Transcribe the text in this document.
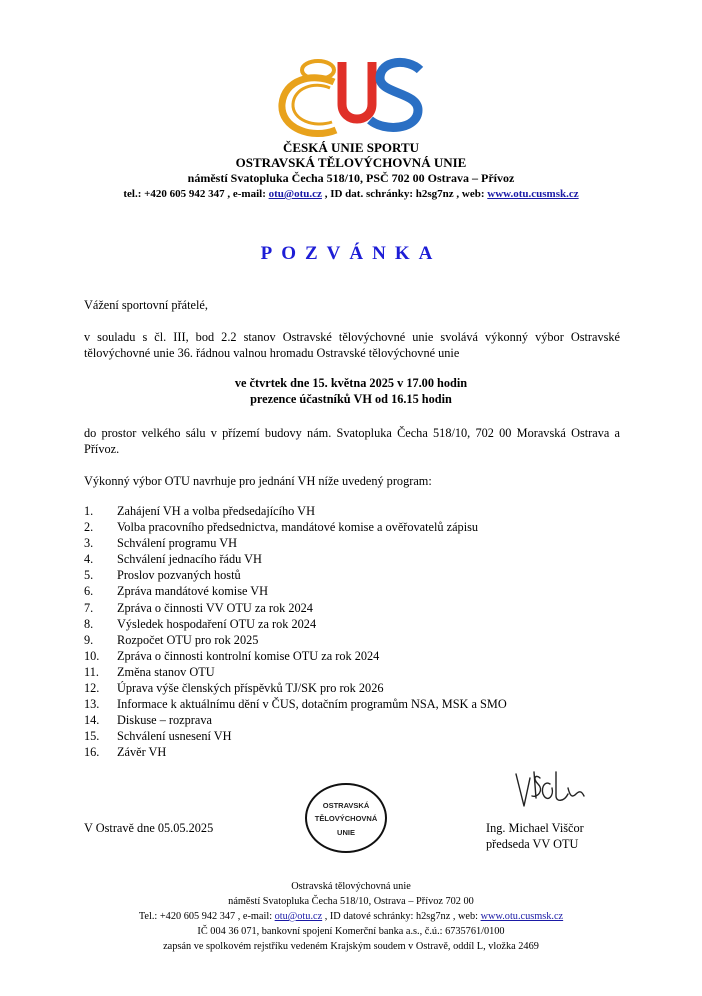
ČESKÁ UNIE SPORTU
OSTRAVSKÁ TĚLOVÝCHOVNÁ UNIE
náměstí Svatopluka Čecha 518/10, PSČ 702 00 Ostrava – Přívoz
tel.: +420 605 942 347 , e-mail: otu@otu.cz , ID dat. schránky: h2sg7nz , web: www.otu.cusmsk.cz
POZVÁNKA
Vážení sportovní přátelé,
v souladu s čl. III, bod 2.2 stanov Ostravské tělovýchovné unie svolává výkonný výbor Ostravské tělovýchovné unie 36. řádnou valnou hromadu Ostravské tělovýchovné unie
ve čtvrtek dne 15. května 2025 v 17.00 hodin
prezence účastníků VH od 16.15 hodin
do prostor velkého sálu v přízemí budovy nám. Svatopluka Čecha 518/10, 702 00 Moravská Ostrava a Přívoz.
Výkonný výbor OTU navrhuje pro jednání VH níže uvedený program:
1. Zahájení VH a volba předsedajícího VH
2. Volba pracovního předsednictva, mandátové komise a ověřovatelů zápisu
3. Schválení programu VH
4. Schválení jednacího řádu VH
5. Proslov pozvaných hostů
6. Zpráva mandátové komise VH
7. Zpráva o činnosti VV OTU za rok 2024
8. Výsledek hospodaření OTU za rok 2024
9. Rozpočet OTU pro rok 2025
10. Zpráva o činnosti kontrolní komise OTU za rok 2024
11. Změna stanov OTU
12. Úprava výše členských příspěvků TJ/SK pro rok 2026
13. Informace k aktuálnímu dění v ČUS, dotačním programům NSA, MSK a SMO
14. Diskuse – rozprava
15. Schválení usnesení VH
16. Závěr VH
V Ostravě dne 05.05.2025
OSTRAVSKÁ
TĚLOVÝCHOVNÁ
UNIE
Višču
Ing. Michael Viščor
předseda VV OTU
Ostravská tělovýchovná unie
náměstí Svatopluka Čecha 518/10, Ostrava – Přívoz 702 00
Tel.: +420 605 942 347 , e-mail: otu@otu.cz , ID datové schránky: h2sg7nz , web: www.otu.cusmsk.cz
IČ 004 36 071, bankovní spojení Komerční banka a.s., č.ú.: 6735761/0100
zapsán ve spolkovém rejstříku vedeném Krajským soudem v Ostravě, oddíl L, vložka 2469
